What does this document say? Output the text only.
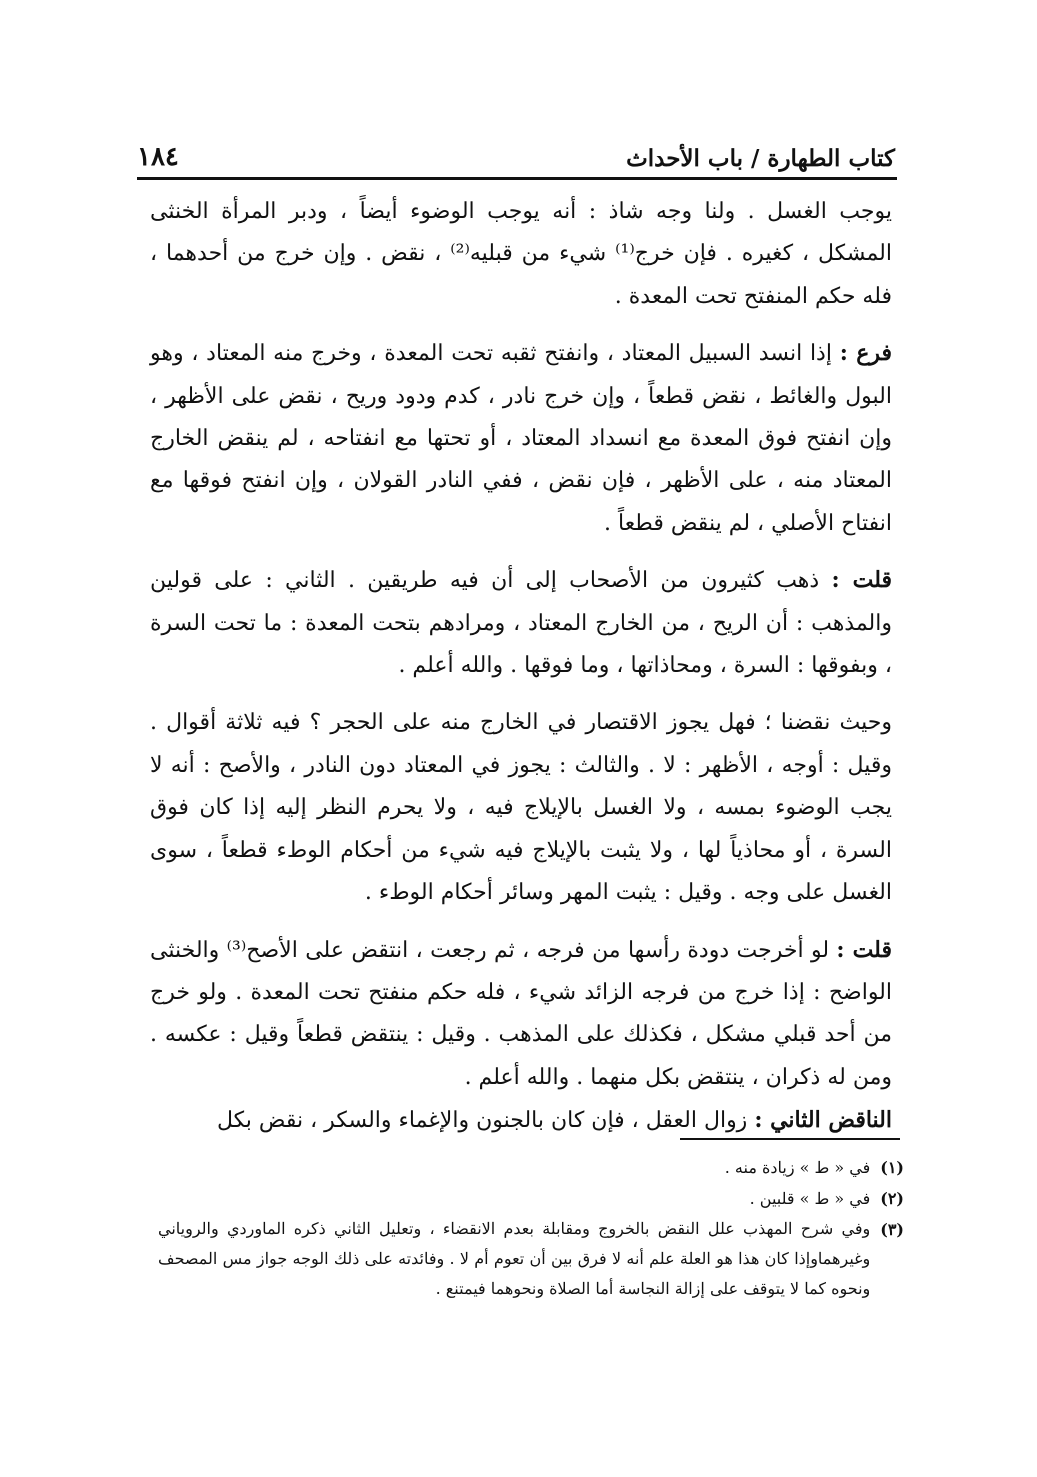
كتاب الطهارة / باب الأحداث
١٨٤

يوجب الغسل . ولنا وجه شاذ : أنه يوجب الوضوء أيضاً ، ودبر المرأة الخنثى المشكل ، كغيره . فإن خرج⁽¹⁾ شيء من قبليه⁽²⁾ ، نقض . وإن خرج من أحدهما ، فله حكم المنفتح تحت المعدة .

فرع : إذا انسد السبيل المعتاد ، وانفتح ثقبه تحت المعدة ، وخرج منه المعتاد ، وهو البول والغائط ، نقض قطعاً ، وإن خرج نادر ، كدم ودود وريح ، نقض على الأظهر ، وإن انفتح فوق المعدة مع انسداد المعتاد ، أو تحتها مع انفتاحه ، لم ينقض الخارج المعتاد منه ، على الأظهر ، فإن نقض ، ففي النادر القولان ، وإن انفتح فوقها مع انفتاح الأصلي ، لم ينقض قطعاً .

قلت : ذهب كثيرون من الأصحاب إلى أن فيه طريقين . الثاني : على قولين والمذهب : أن الريح ، من الخارج المعتاد ، ومرادهم بتحت المعدة : ما تحت السرة ، وبفوقها : السرة ، ومحاذاتها ، وما فوقها . والله أعلم .

وحيث نقضنا ؛ فهل يجوز الاقتصار في الخارج منه على الحجر ؟ فيه ثلاثة أقوال . وقيل : أوجه ، الأظهر : لا . والثالث : يجوز في المعتاد دون النادر ، والأصح : أنه لا يجب الوضوء بمسه ، ولا الغسل بالإيلاج فيه ، ولا يحرم النظر إليه إذا كان فوق السرة ، أو محاذياً لها ، ولا يثبت بالإيلاج فيه شيء من أحكام الوطء قطعاً ، سوى الغسل على وجه . وقيل : يثبت المهر وسائر أحكام الوطء .

قلت : لو أخرجت دودة رأسها من فرجه ، ثم رجعت ، انتقض على الأصح⁽³⁾ والخنثى الواضح : إذا خرج من فرجه الزائد شيء ، فله حكم منفتح تحت المعدة . ولو خرج من أحد قبلي مشكل ، فكذلك على المذهب . وقيل : ينتقض قطعاً وقيل : عكسه . ومن له ذكران ، ينتقض بكل منهما . والله أعلم .

الناقض الثاني : زوال العقل ، فإن كان بالجنون والإغماء والسكر ، نقض بكل

(١)
في « ط » زيادة منه .
(٢)
في « ط » قلبين .
(٣)
وفي شرح المهذب علل النقض بالخروج ومقابلة بعدم الانقضاء ، وتعليل الثاني ذكره الماوردي والروياني وغيرهماوإذا كان هذا هو العلة علم أنه لا فرق بين أن تعوم أم لا . وفائدته على ذلك الوجه جواز مس المصحف ونحوه كما لا يتوقف على إزالة النجاسة أما الصلاة ونحوهما فيمتنع .
